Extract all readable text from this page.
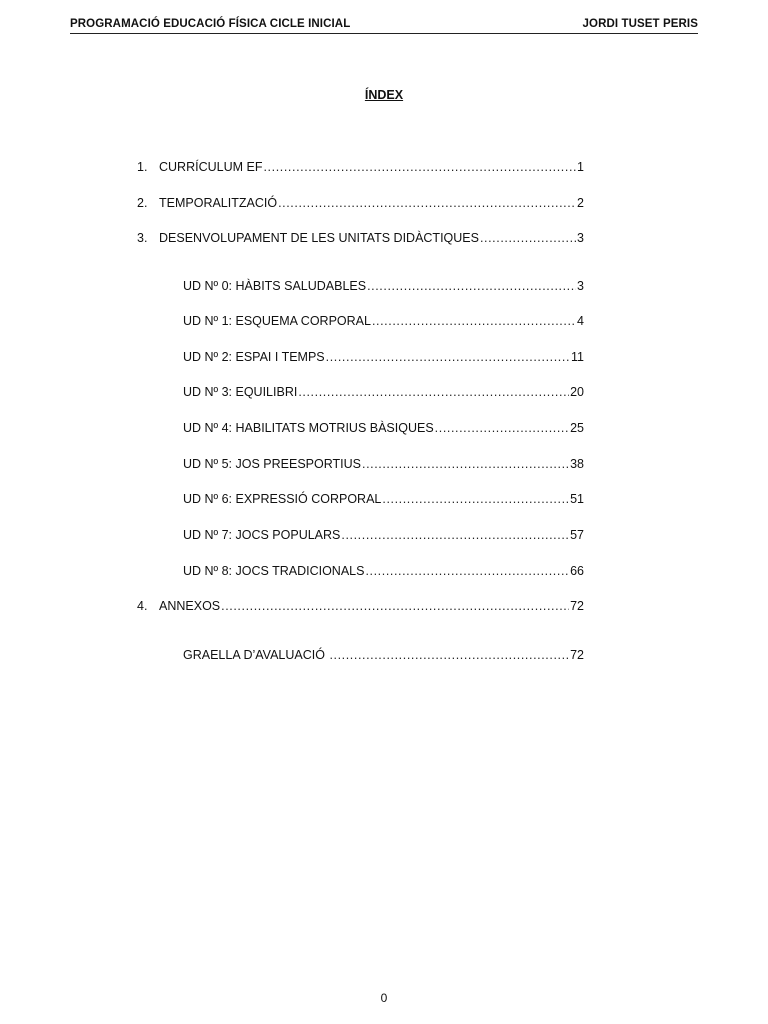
PROGRAMACIÓ EDUCACIÓ FÍSICA CICLE INICIAL	JORDI TUSET PERIS
ÍNDEX
1. CURRÍCULUM EF .....	1
2. TEMPORALITZACIÓ .....	2
3. DESENVOLUPAMENT DE LES UNITATS DIDÀCTIQUES .....	3
UD Nº 0: HÀBITS SALUDABLES .....	3
UD Nº 1: ESQUEMA CORPORAL .....	4
UD Nº 2: ESPAI I TEMPS .....	11
UD Nº 3: EQUILIBRI .....	20
UD Nº 4: HABILITATS MOTRIUS BÀSIQUES .....	25
UD Nº 5: JOS PREESPORTIUS .....	38
UD Nº 6: EXPRESSIÓ CORPORAL .....	51
UD Nº 7: JOCS POPULARS .....	57
UD Nº 8: JOCS TRADICIONALS .....	66
4. ANNEXOS .....	72
GRAELLA D’AVALUACIÓ .....	72
0
